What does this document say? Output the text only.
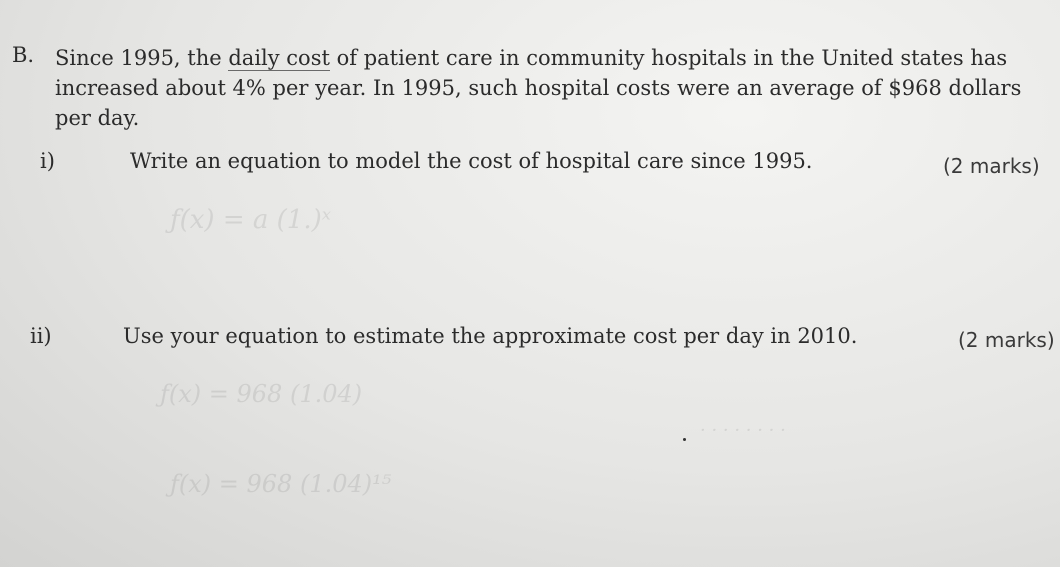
ƒ(x) = a (1.)ˣ
ƒ(x) = 968 (1.04)
ƒ(x) = 968 (1.04)¹⁵
· · · · · · · ·
B. Since 1995, the daily cost of patient care in community hospitals in the United states has
increased about 4% per year. In 1995, such hospital costs were an average of $968 dollars
per day.
i)	Write an equation to model the cost of hospital care since 1995.	(2 marks)
ii)	Use your equation to estimate the approximate cost per day in 2010.	(2 marks)
